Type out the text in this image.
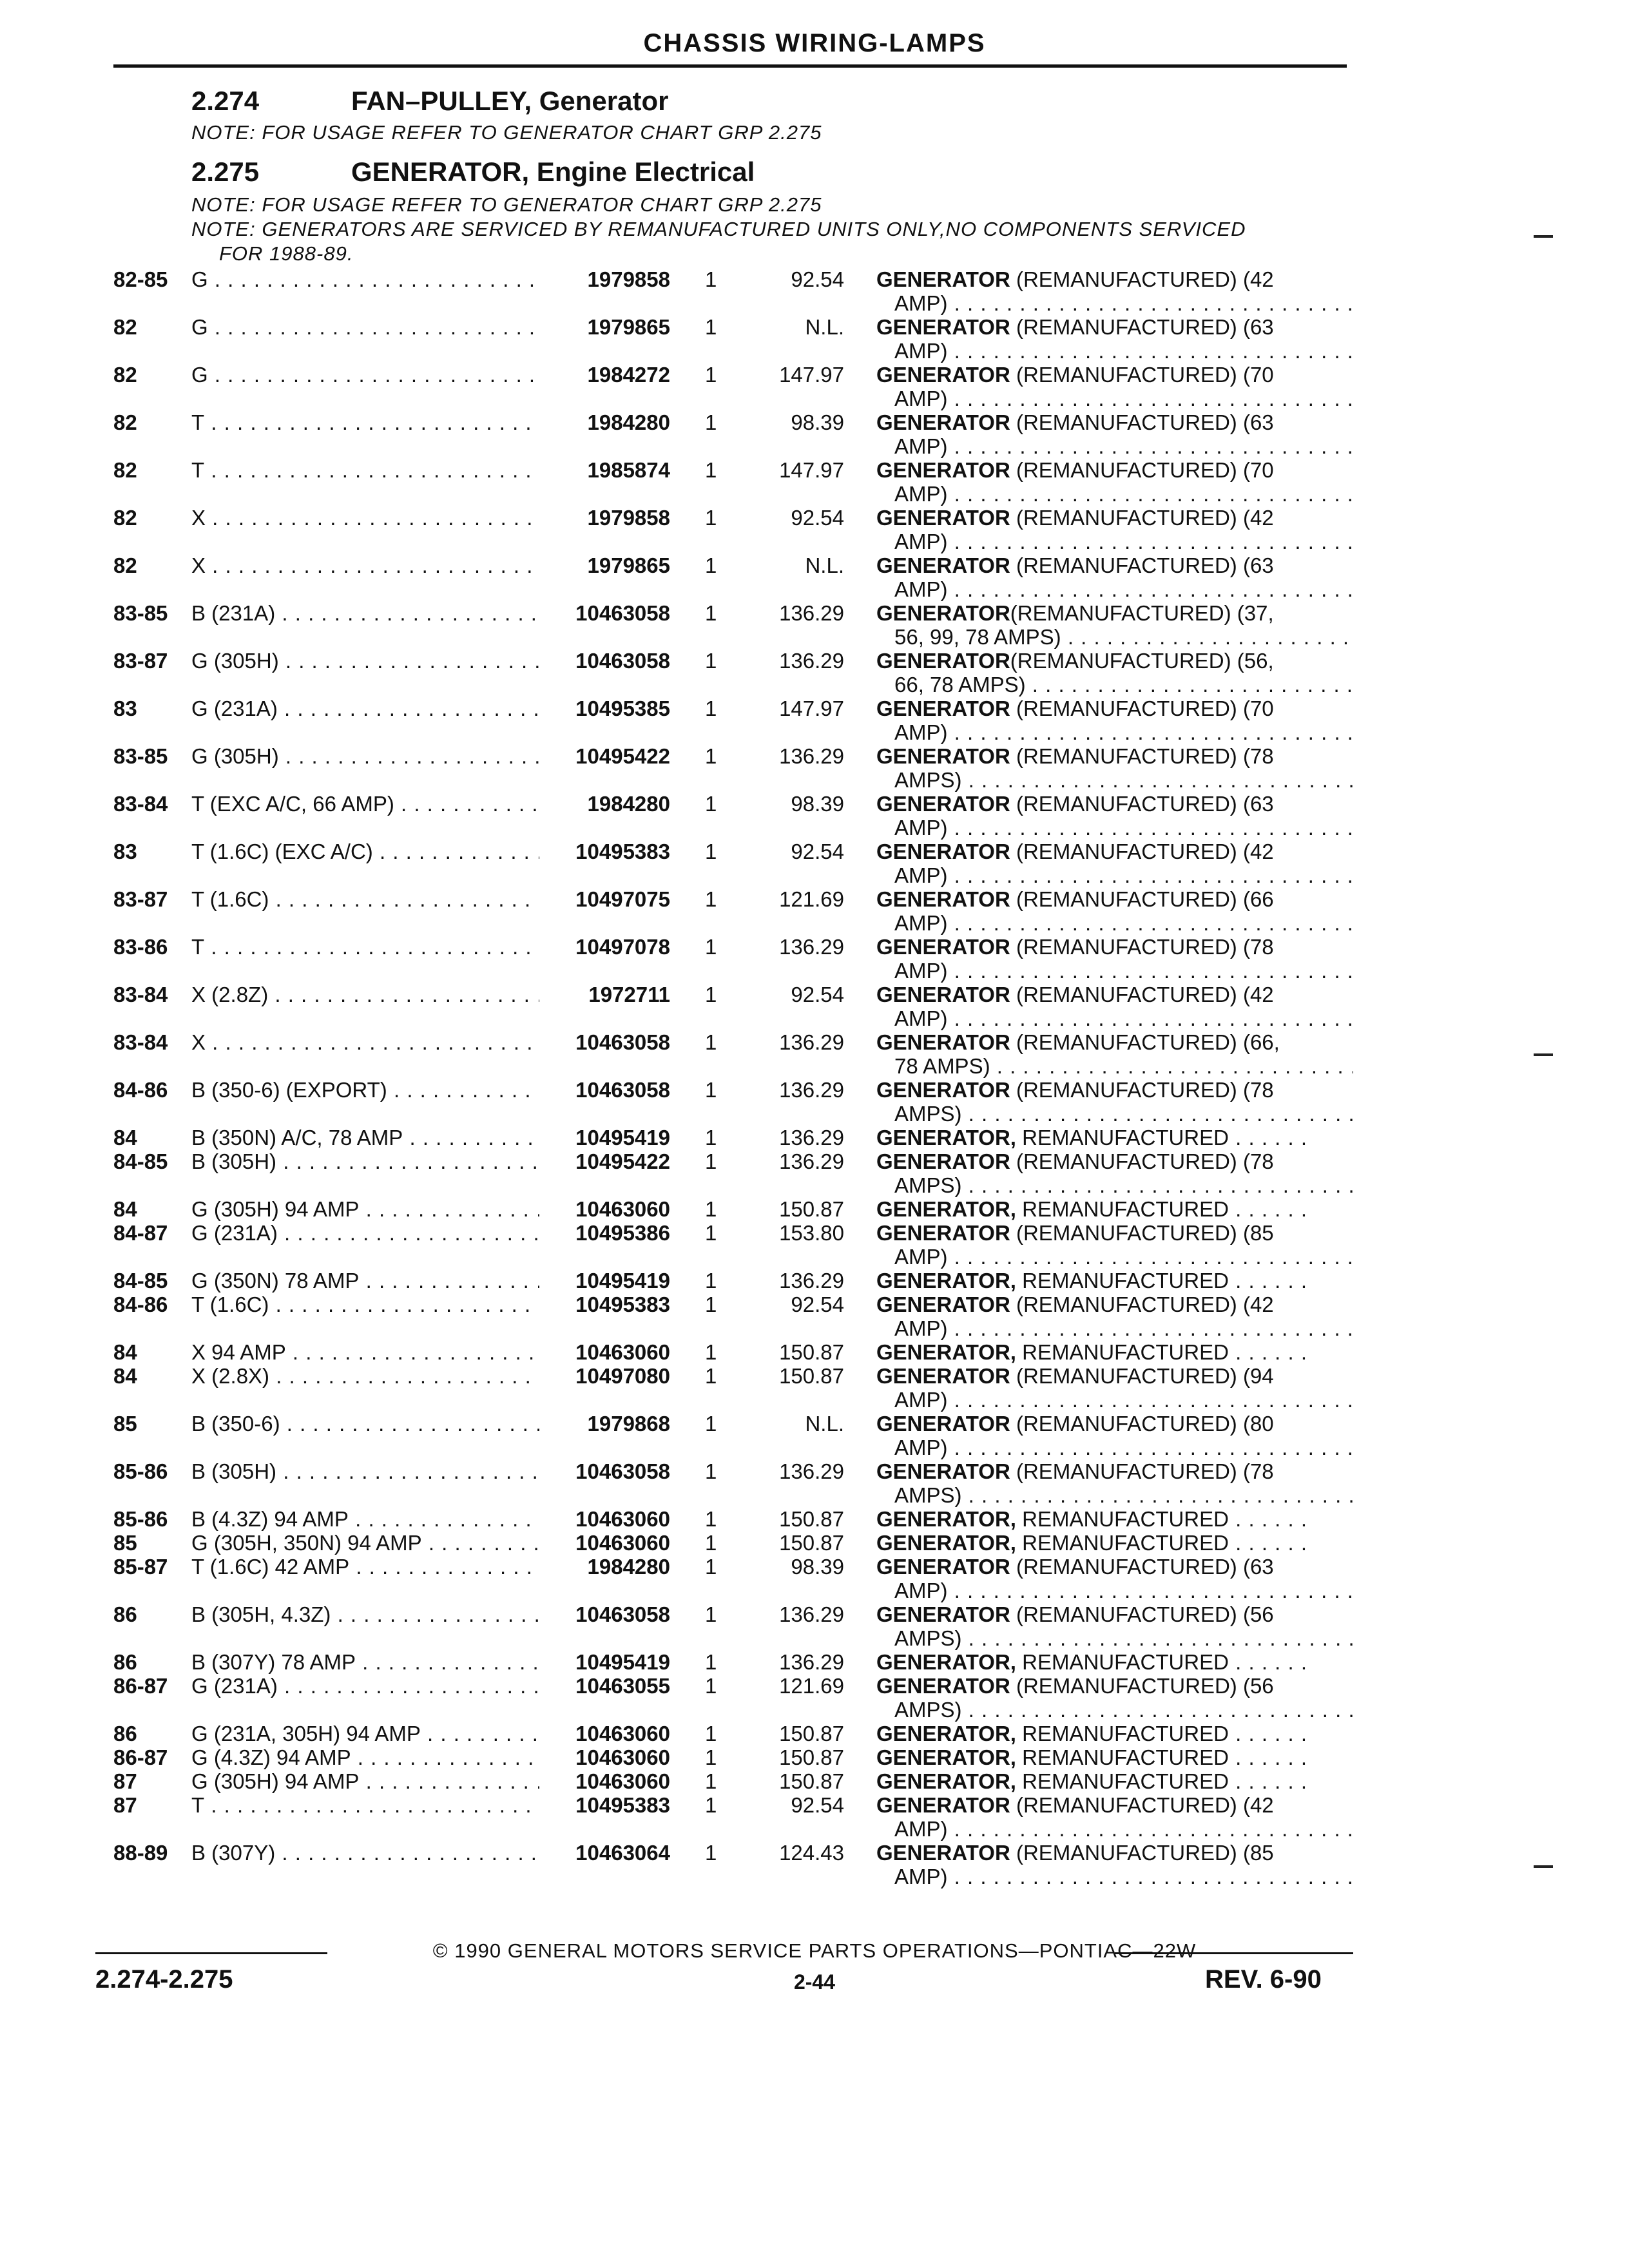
CHASSIS WIRING-LAMPS
2.274	FAN–PULLEY, Generator
NOTE: FOR USAGE REFER TO GENERATOR CHART GRP 2.275
2.275	GENERATOR, Engine Electrical
NOTE: FOR USAGE REFER TO GENERATOR CHART GRP 2.275
NOTE: GENERATORS ARE SERVICED BY REMANUFACTURED UNITS ONLY,NO COMPONENTS SERVICED
FOR 1988-89.
82-85 G . . .	1979858 1	92.54 GENERATOR (REMANUFACTURED) (42
AMP) . . .
82	G . . .	1979865 1	N.L. GENERATOR (REMANUFACTURED) (63
AMP) . . .
82	G . . .	1984272 1	147.97 GENERATOR (REMANUFACTURED) (70
AMP) . . .
82	T . . .	1984280 1	98.39 GENERATOR (REMANUFACTURED) (63
AMP) . . .
82	T . . .	1985874 1	147.97 GENERATOR (REMANUFACTURED) (70
AMP) . . .
82	X . . .	1979858 1	92.54 GENERATOR (REMANUFACTURED) (42
AMP) . . .
82	X . . .	1979865 1	N.L. GENERATOR (REMANUFACTURED) (63
AMP) . . .
83-85 B (231A) . . .	10463058 1	136.29 GENERATOR(REMANUFACTURED) (37,
56, 99, 78 AMPS) . . .
83-87 G (305H) . . .	10463058 1	136.29 GENERATOR(REMANUFACTURED) (56,
66, 78 AMPS) . . .
83	G (231A) . . .	10495385 1	147.97 GENERATOR (REMANUFACTURED) (70
AMP) . . .
83-85 G (305H) . . .	10495422 1	136.29 GENERATOR (REMANUFACTURED) (78
AMPS) . . .
83-84 T (EXC A/C, 66 AMP) . . .	1984280 1	98.39 GENERATOR (REMANUFACTURED) (63
AMP) . . .
83	T (1.6C) (EXC A/C) . . .	10495383 1	92.54 GENERATOR (REMANUFACTURED) (42
AMP) . . .
83-87 T (1.6C) . . .	10497075 1	121.69 GENERATOR (REMANUFACTURED) (66
AMP) . . .
83-86 T . . .	10497078 1	136.29 GENERATOR (REMANUFACTURED) (78
AMP) . . .
83-84 X (2.8Z) . . .	1972711 1	92.54 GENERATOR (REMANUFACTURED) (42
AMP) . . .
83-84 X . . .	10463058 1	136.29 GENERATOR (REMANUFACTURED) (66,
78 AMPS) . . .
84-86 B (350-6) (EXPORT) . . .	10463058 1	136.29 GENERATOR (REMANUFACTURED) (78
AMPS) . . .
84	B (350N) A/C, 78 AMP . . .	10495419 1	136.29 GENERATOR, REMANUFACTURED . . . . . .
84-85 B (305H) . . .	10495422 1	136.29 GENERATOR (REMANUFACTURED) (78
AMPS) . . .
84	G (305H) 94 AMP . . .	10463060 1	150.87 GENERATOR, REMANUFACTURED . . . . . .
84-87 G (231A) . . .	10495386 1	153.80 GENERATOR (REMANUFACTURED) (85
AMP) . . .
84-85 G (350N) 78 AMP . . .	10495419 1	136.29 GENERATOR, REMANUFACTURED . . . . . .
84-86 T (1.6C) . . .	10495383 1	92.54 GENERATOR (REMANUFACTURED) (42
AMP) . . .
84	X 94 AMP . . .	10463060 1	150.87 GENERATOR, REMANUFACTURED . . . . . .
84	X (2.8X) . . .	10497080 1	150.87 GENERATOR (REMANUFACTURED) (94
AMP) . . .
85	B (350-6) . . .	1979868 1	N.L. GENERATOR (REMANUFACTURED) (80
AMP) . . .
85-86 B (305H) . . .	10463058 1	136.29 GENERATOR (REMANUFACTURED) (78
AMPS) . . .
85-86 B (4.3Z) 94 AMP . . .	10463060 1	150.87 GENERATOR, REMANUFACTURED . . . . . .
85	G (305H, 350N) 94 AMP . . .	10463060 1	150.87 GENERATOR, REMANUFACTURED . . . . . .
85-87 T (1.6C) 42 AMP . . .	1984280 1	98.39 GENERATOR (REMANUFACTURED) (63
AMP) . . .
86	B (305H, 4.3Z) . . .	10463058 1	136.29 GENERATOR (REMANUFACTURED) (56
AMPS) . . .
86	B (307Y) 78 AMP . . .	10495419 1	136.29 GENERATOR, REMANUFACTURED . . . . . .
86-87 G (231A) . . .	10463055 1	121.69 GENERATOR (REMANUFACTURED) (56
AMPS) . . .
86	G (231A, 305H) 94 AMP . . .	10463060 1	150.87 GENERATOR, REMANUFACTURED . . . . . .
86-87 G (4.3Z) 94 AMP . . .	10463060 1	150.87 GENERATOR, REMANUFACTURED . . . . . .
87	G (305H) 94 AMP . . .	10463060 1	150.87 GENERATOR, REMANUFACTURED . . . . . .
87	T . . .	10495383 1	92.54 GENERATOR (REMANUFACTURED) (42
AMP) . . .
88-89 B (307Y) . . .	10463064 1	124.43 GENERATOR (REMANUFACTURED) (85
AMP) . . .
© 1990 GENERAL MOTORS SERVICE PARTS OPERATIONS—PONTIAC—22W
2.274-2.275	2-44	REV. 6-90
